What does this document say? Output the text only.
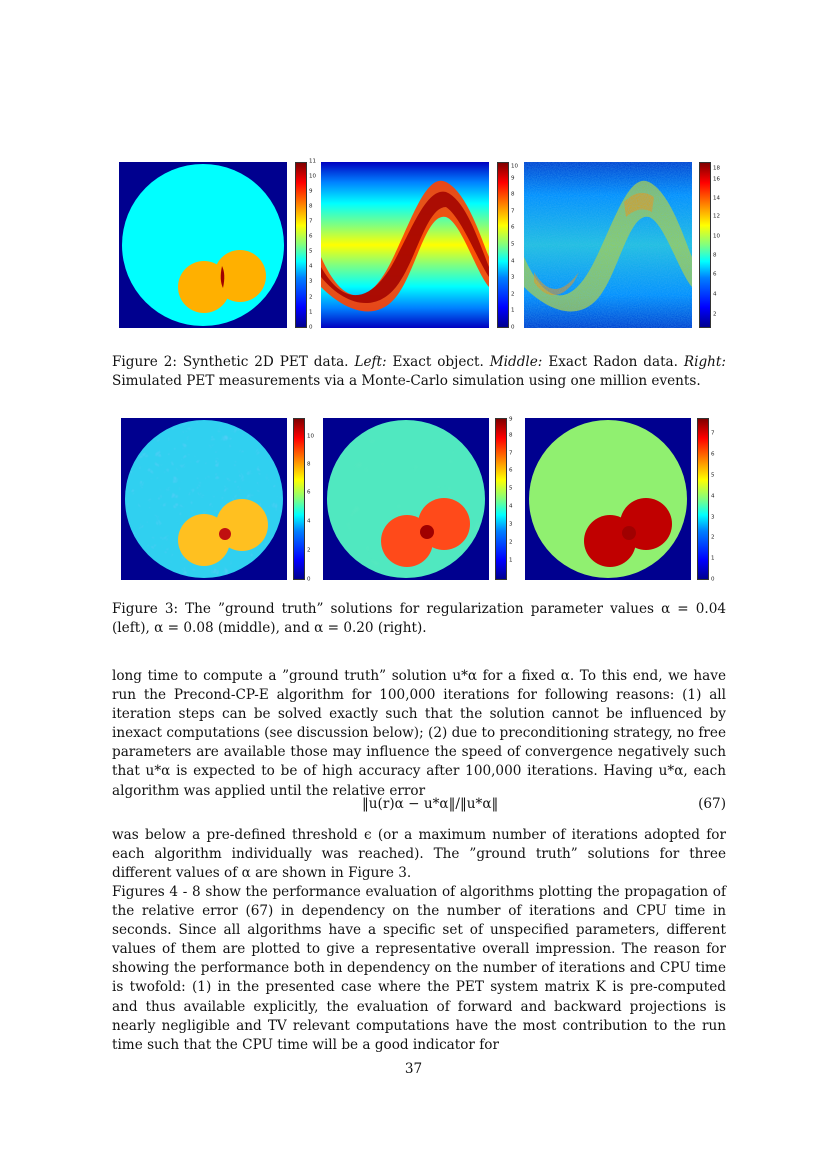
0
1
2
3
4
5
6
7
8
9
10
11
0
1
2
3
4
5
6
7
8
9
10
2
4
6
8
10
12
14
16
18
Figure 2: Synthetic 2D PET data. Left: Exact object. Middle: Exact Radon data. Right: Simulated PET measurements via a Monte-Carlo simulation using one million events.
0
2
4
6
8
10
1
2
3
4
5
6
7
8
9
0
1
2
3
4
5
6
7
Figure 3: The ”ground truth” solutions for regularization parameter values α = 0.04 (left), α = 0.08 (middle), and α = 0.20 (right).

long time to compute a ”ground truth” solution u*α for a fixed α. To this end, we have run the Precond-CP-E algorithm for 100,000 iterations for following reasons: (1) all iteration steps can be solved exactly such that the solution cannot be influenced by inexact computations (see discussion below); (2) due to preconditioning strategy, no free parameters are available those may influence the speed of convergence negatively such that u*α is expected to be of high accuracy after 100,000 iterations. Having u*α, each algorithm was applied until the relative error

‖u(r)α − u*α‖/‖u*α‖	(67)

was below a pre-defined threshold ϵ (or a maximum number of iterations adopted for each algorithm individually was reached). The ”ground truth” solutions for three different values of α are shown in Figure 3.

Figures 4 - 8 show the performance evaluation of algorithms plotting the propagation of the relative error (67) in dependency on the number of iterations and CPU time in seconds. Since all algorithms have a specific set of unspecified parameters, different values of them are plotted to give a representative overall impression. The reason for showing the performance both in dependency on the number of iterations and CPU time is twofold: (1) in the presented case where the PET system matrix K is pre-computed and thus available explicitly, the evaluation of forward and backward projections is nearly negligible and TV relevant computations have the most contribution to the run time such that the CPU time will be a good indicator for

37
